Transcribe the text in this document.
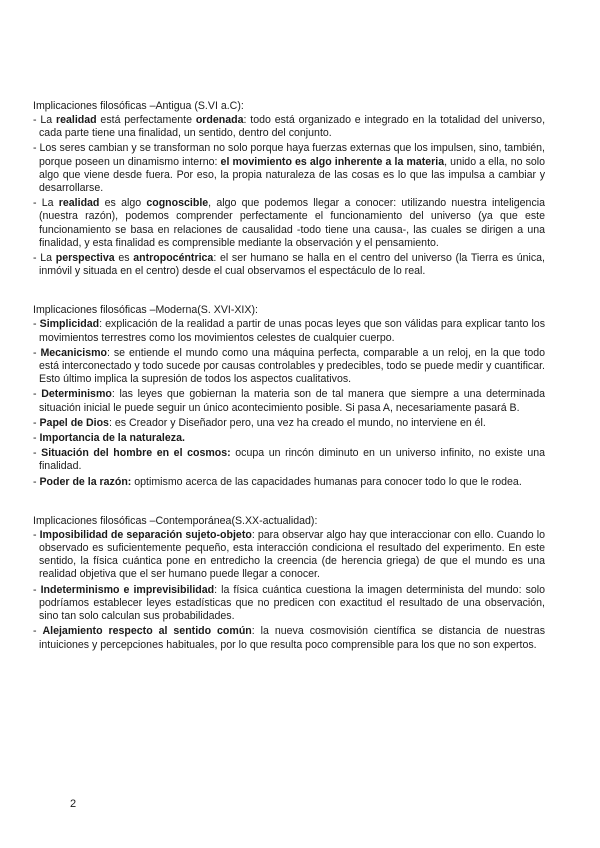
Implicaciones filosóficas –Antigua (S.VI a.C):

- La realidad está perfectamente ordenada: todo está organizado e integrado en la totalidad del universo, cada parte tiene una finalidad, un sentido, dentro del conjunto.

- Los seres cambian y se transforman no solo porque haya fuerzas externas que los impulsen, sino, también, porque poseen un dinamismo interno: el movimiento es algo inherente a la materia, unido a ella, no solo algo que viene desde fuera. Por eso, la propia naturaleza de las cosas es lo que las impulsa a cambiar y desarrollarse.

- La realidad es algo cognoscible, algo que podemos llegar a conocer: utilizando nuestra inteligencia (nuestra razón), podemos comprender perfectamente el funcionamiento del universo (ya que este funcionamiento se basa en relaciones de causalidad -todo tiene una causa-, las cuales se dirigen a una finalidad, y esta finalidad es comprensible mediante la observación y el pensamiento.

- La perspectiva es antropocéntrica: el ser humano se halla en el centro del universo (la Tierra es única, inmóvil y situada en el centro) desde el cual observamos el espectáculo de lo real.

Implicaciones filosóficas –Moderna(S. XVI-XIX):

- Simplicidad: explicación de la realidad a partir de unas pocas leyes que son válidas para explicar tanto los movimientos terrestres como los movimientos celestes de cualquier cuerpo.

- Mecanicismo: se entiende el mundo como una máquina perfecta, comparable a un reloj, en la que todo está interconectado y todo sucede por causas controlables y predecibles, todo se puede medir y cuantificar. Esto último implica la supresión de todos los aspectos cualitativos.

- Determinismo: las leyes que gobiernan la materia son de tal manera que siempre a una determinada situación inicial le puede seguir un único acontecimiento posible. Si pasa A, necesariamente pasará B.

- Papel de Dios: es Creador y Diseñador pero, una vez ha creado el mundo, no interviene en él.

- Importancia de la naturaleza.

- Situación del hombre en el cosmos: ocupa un rincón diminuto en un universo infinito, no existe una finalidad.

- Poder de la razón: optimismo acerca de las capacidades humanas para conocer todo lo que le rodea.

Implicaciones filosóficas –Contemporánea(S.XX-actualidad):

- Imposibilidad de separación sujeto-objeto: para observar algo hay que interaccionar con ello. Cuando lo observado es suficientemente pequeño, esta interacción condiciona el resultado del experimento. En este sentido, la física cuántica pone en entredicho la creencia (de herencia griega) de que el mundo es una realidad objetiva que el ser humano puede llegar a conocer.

- Indeterminismo e imprevisibilidad: la física cuántica cuestiona la imagen determinista del mundo: solo podríamos establecer leyes estadísticas que no predicen con exactitud el resultado de una observación, sino tan solo calculan sus probabilidades.

- Alejamiento respecto al sentido común: la nueva cosmovisión científica se distancia de nuestras intuiciones y percepciones habituales, por lo que resulta poco comprensible para los que no son expertos.

2
